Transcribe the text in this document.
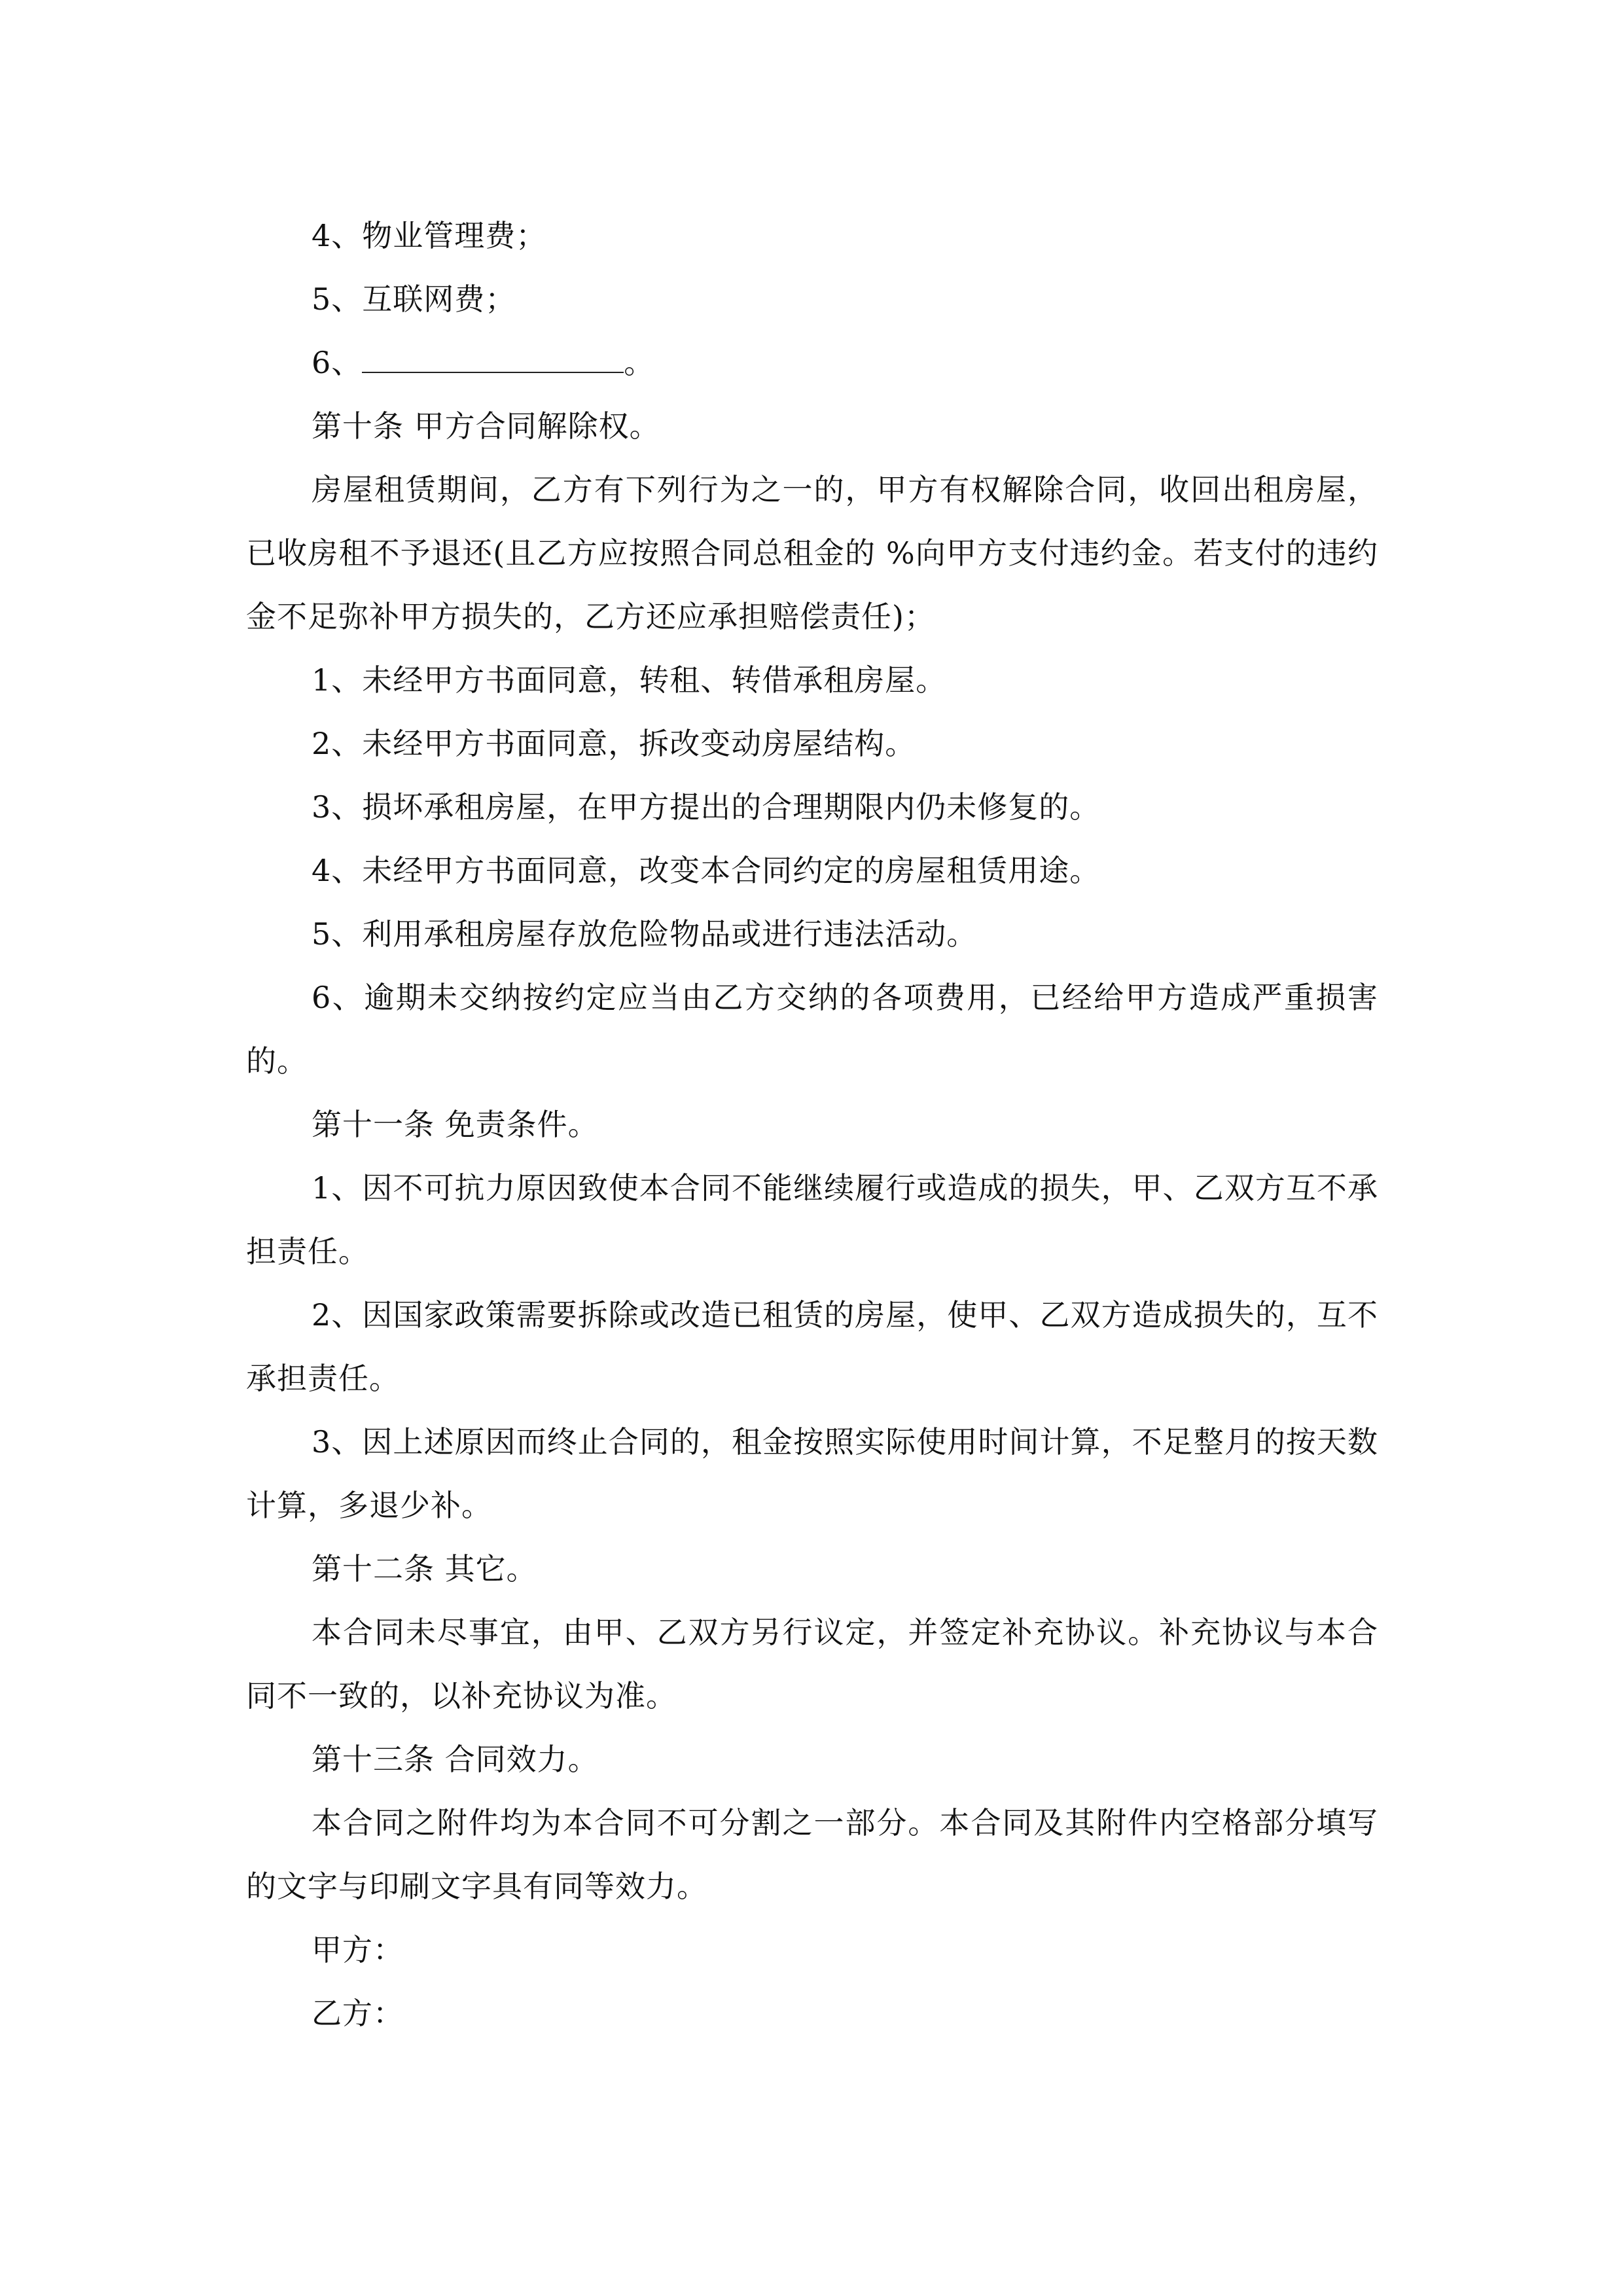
4、物业管理费；

5、互联网费；

6、	。

第十条 甲方合同解除权。

房屋租赁期间，乙方有下列行为之一的，甲方有权解除合同，收回出租房屋，已收房租不予退还(且乙方应按照合同总租金的 %向甲方支付违约金。若支付的违约金不足弥补甲方损失的，乙方还应承担赔偿责任)；

1、未经甲方书面同意，转租、转借承租房屋。

2、未经甲方书面同意，拆改变动房屋结构。

3、损坏承租房屋，在甲方提出的合理期限内仍未修复的。

4、未经甲方书面同意，改变本合同约定的房屋租赁用途。

5、利用承租房屋存放危险物品或进行违法活动。

6、逾期未交纳按约定应当由乙方交纳的各项费用，已经给甲方造成严重损害的。

第十一条 免责条件。

1、因不可抗力原因致使本合同不能继续履行或造成的损失，甲、乙双方互不承担责任。

2、因国家政策需要拆除或改造已租赁的房屋，使甲、乙双方造成损失的，互不承担责任。

3、因上述原因而终止合同的，租金按照实际使用时间计算，不足整月的按天数计算，多退少补。

第十二条 其它。

本合同未尽事宜，由甲、乙双方另行议定，并签定补充协议。补充协议与本合同不一致的，以补充协议为准。

第十三条 合同效力。

本合同之附件均为本合同不可分割之一部分。本合同及其附件内空格部分填写的文字与印刷文字具有同等效力。

甲方：

乙方：
